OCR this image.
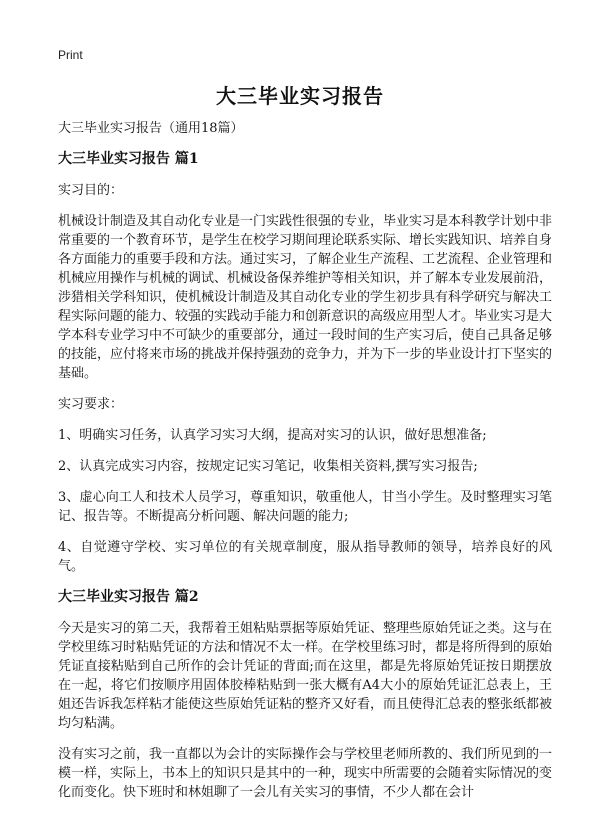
Print
大三毕业实习报告

大三毕业实习报告（通用18篇）

大三毕业实习报告 篇1

实习目的：

机械设计制造及其自动化专业是一门实践性很强的专业，毕业实习是本科教学计划中非常重要的一个教育环节，是学生在校学习期间理论联系实际、增长实践知识、培养自身各方面能力的重要手段和方法。通过实习，了解企业生产流程、工艺流程、企业管理和机械应用操作与机械的调试、机械设备保养维护等相关知识，并了解本专业发展前沿，涉猎相关学科知识，使机械设计制造及其自动化专业的学生初步具有科学研究与解决工程实际问题的能力、较强的实践动手能力和创新意识的高级应用型人才。毕业实习是大学本科专业学习中不可缺少的重要部分，通过一段时间的生产实习后，使自己具备足够的技能，应付将来市场的挑战并保持强劲的竞争力，并为下一步的毕业设计打下坚实的基础。

实习要求：

1、明确实习任务，认真学习实习大纲，提高对实习的认识，做好思想准备;

2、认真完成实习内容，按规定记实习笔记，收集相关资料,撰写实习报告;

3、虚心向工人和技术人员学习，尊重知识，敬重他人，甘当小学生。及时整理实习笔记、报告等。不断提高分析问题、解决问题的能力;

4、自觉遵守学校、实习单位的有关规章制度，服从指导教师的领导，培养良好的风气。

大三毕业实习报告 篇2

今天是实习的第二天，我帮着王姐粘贴票据等原始凭证、整理些原始凭证之类。这与在学校里练习时粘贴凭证的方法和情况不太一样。在学校里练习时，都是将所得到的原始凭证直接粘贴到自己所作的会计凭证的背面;而在这里，都是先将原始凭证按日期摆放在一起，将它们按顺序用固体胶棒粘贴到一张大概有A4大小的原始凭证汇总表上，王姐还告诉我怎样粘才能使这些原始凭证粘的整齐又好看，而且使得汇总表的整张纸都被均匀粘满。

没有实习之前，我一直都以为会计的实际操作会与学校里老师所教的、我们所见到的一模一样，实际上，书本上的知识只是其中的一种，现实中所需要的会随着实际情况的变化而变化。快下班时和林姐聊了一会儿有关实习的事情，不少人都在会计
